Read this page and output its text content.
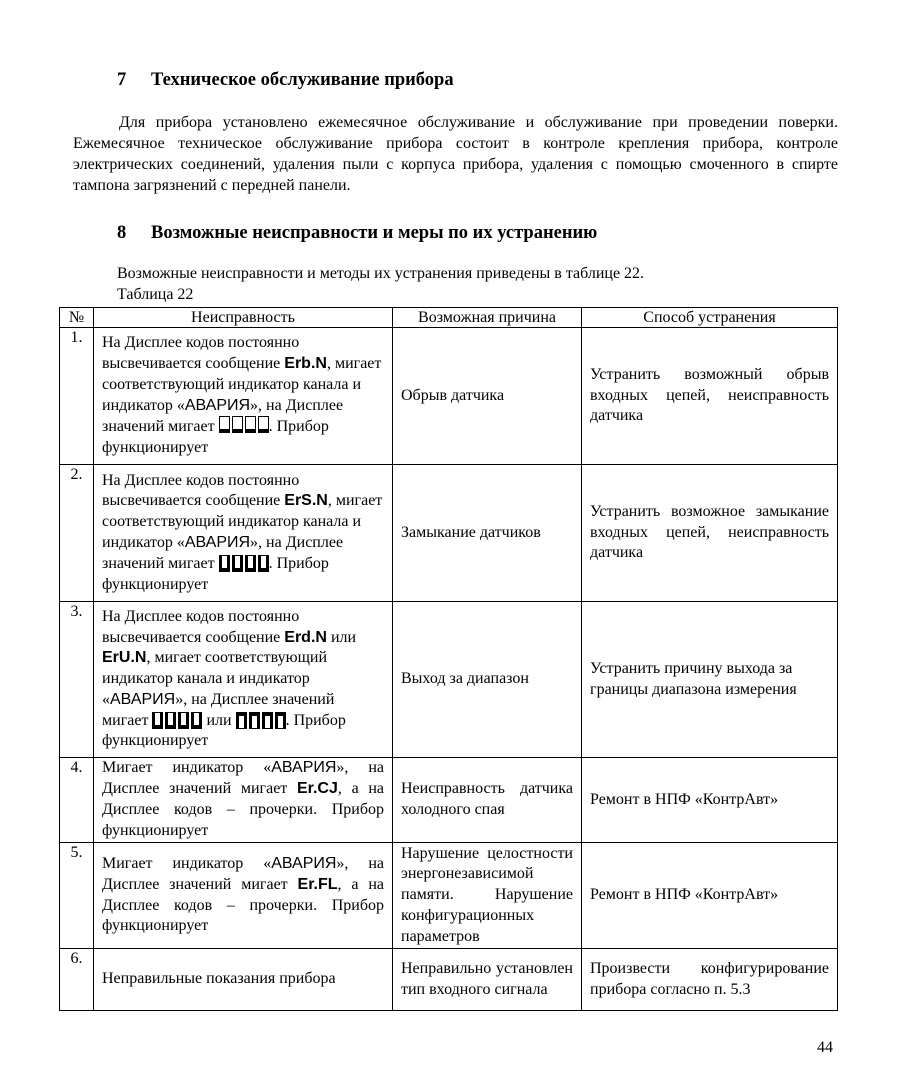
7 Техническое обслуживание прибора
Для прибора установлено ежемесячное обслуживание и обслуживание при проведении поверки. Ежемесячное техническое обслуживание прибора состоит в контроле крепления прибора, контроле электрических соединений, удаления пыли с корпуса прибора, удаления с помощью смоченного в спирте тампона загрязнений с передней панели.
8 Возможные неисправности и меры по их устранению
Возможные неисправности и методы их устранения приведены в таблице 22.
Таблица 22
№	Неисправность	Возможная причина	Способ устранения
1.	На Дисплее кодов постоянно высвечивается сообщение Erb.N, мигает соответствующий индикатор канала и индикатор «АВАРИЯ», на Дисплее значений мигает . Прибор функционирует	Обрыв датчика	Устранить возможный обрыв входных цепей, неисправность датчика
2.	На Дисплее кодов постоянно высвечивается сообщение ErS.N, мигает соответствующий индикатор канала и индикатор «АВАРИЯ», на Дисплее значений мигает . Прибор функционирует	Замыкание датчиков	Устранить возможное замыкание входных цепей, неисправность датчика
3.	На Дисплее кодов постоянно высвечивается сообщение Erd.N или ErU.N, мигает соответствующий индикатор канала и индикатор «АВАРИЯ», на Дисплее значений мигает или . Прибор функционирует	Выход за диапазон	Устранить причину выхода за границы диапазона измерения
4.	Мигает индикатор «АВАРИЯ», на Дисплее значений мигает Er.CJ, а на Дисплее кодов – прочерки. Прибор функционирует	Неисправность датчика холодного спая	Ремонт в НПФ «КонтрАвт»
5.	Мигает индикатор «АВАРИЯ», на Дисплее значений мигает Er.FL, а на Дисплее кодов – прочерки. Прибор функционирует	Нарушение целостности энергонезависимой памяти. Нарушение конфигурационных параметров	Ремонт в НПФ «КонтрАвт»
6.	Неправильные показания прибора	Неправильно установлен тип входного сигнала	Произвести конфигурирование прибора согласно п. 5.3
44
